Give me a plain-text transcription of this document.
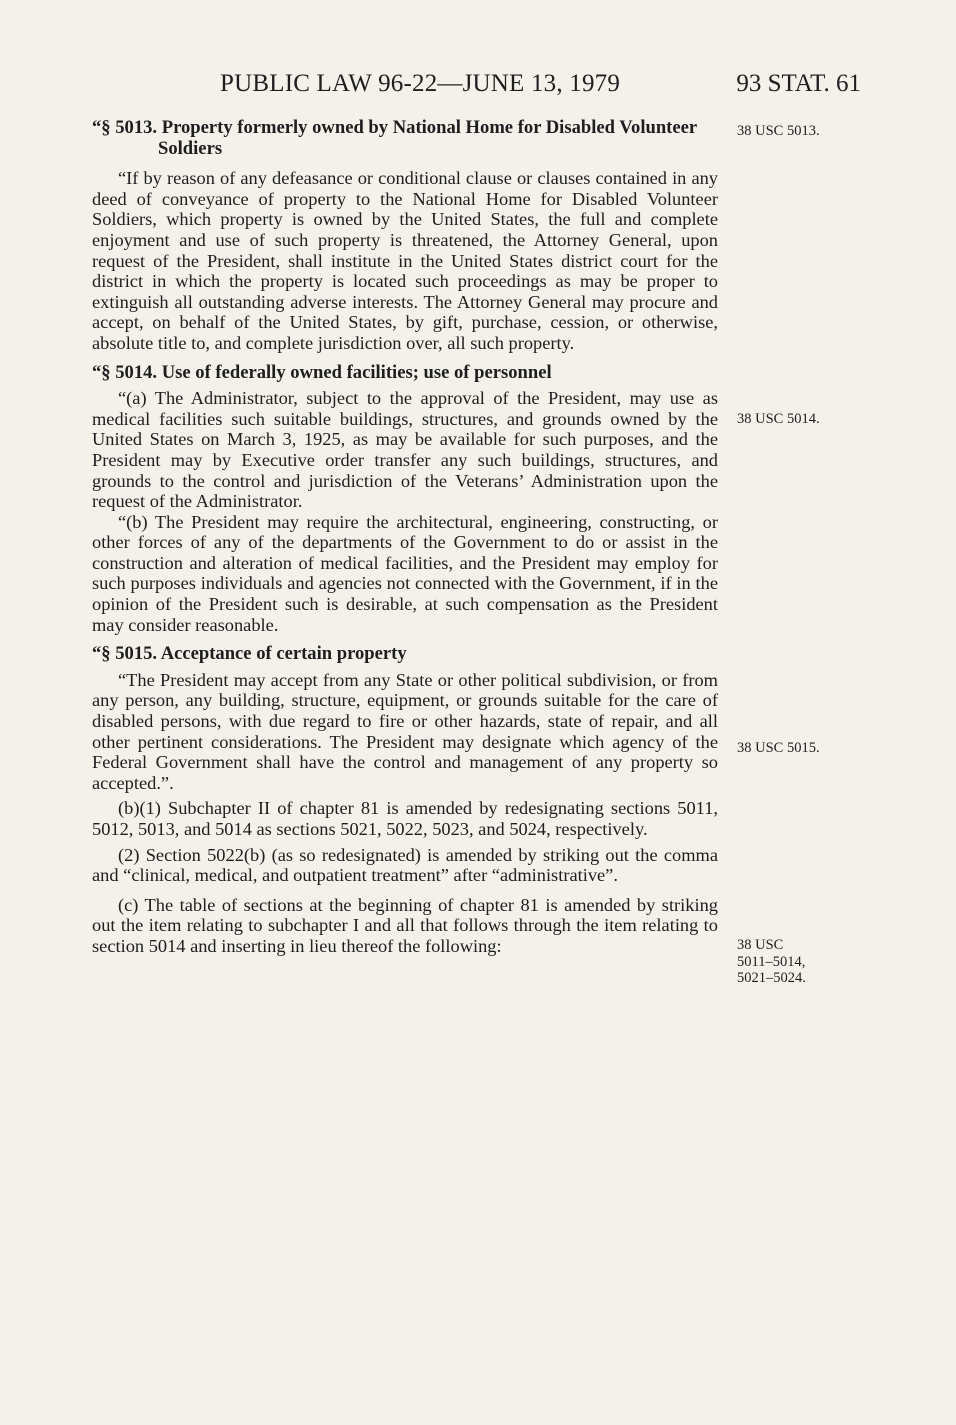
PUBLIC LAW 96-22—JUNE 13, 1979	93 STAT. 61

“§ 5013. Property formerly owned by National Home for Disabled Volunteer Soldiers

“If by reason of any defeasance or conditional clause or clauses contained in any deed of conveyance of property to the National Home for Disabled Volunteer Soldiers, which property is owned by the United States, the full and complete enjoyment and use of such property is threatened, the Attorney General, upon request of the President, shall institute in the United States district court for the district in which the property is located such proceedings as may be proper to extinguish all outstanding adverse interests. The Attorney General may procure and accept, on behalf of the United States, by gift, purchase, cession, or otherwise, absolute title to, and complete jurisdiction over, all such property.

“§ 5014. Use of federally owned facilities; use of personnel

“(a) The Administrator, subject to the approval of the President, may use as medical facilities such suitable buildings, structures, and grounds owned by the United States on March 3, 1925, as may be available for such purposes, and the President may by Executive order transfer any such buildings, structures, and grounds to the control and jurisdiction of the Veterans’ Administration upon the request of the Administrator.

“(b) The President may require the architectural, engineering, constructing, or other forces of any of the departments of the Government to do or assist in the construction and alteration of medical facilities, and the President may employ for such purposes individuals and agencies not connected with the Government, if in the opinion of the President such is desirable, at such compensation as the President may consider reasonable.

“§ 5015. Acceptance of certain property

“The President may accept from any State or other political subdivision, or from any person, any building, structure, equipment, or grounds suitable for the care of disabled persons, with due regard to fire or other hazards, state of repair, and all other pertinent considerations. The President may designate which agency of the Federal Government shall have the control and management of any property so accepted.”.

(b)(1) Subchapter II of chapter 81 is amended by redesignating sections 5011, 5012, 5013, and 5014 as sections 5021, 5022, 5023, and 5024, respectively.

(2) Section 5022(b) (as so redesignated) is amended by striking out the comma and “clinical, medical, and outpatient treatment” after “administrative”.

(c) The table of sections at the beginning of chapter 81 is amended by striking out the item relating to subchapter I and all that follows through the item relating to section 5014 and inserting in lieu thereof the following:

38 USC 5013.
38 USC 5014.
38 USC 5015.
38 USC
5011–5014,
5021–5024.
